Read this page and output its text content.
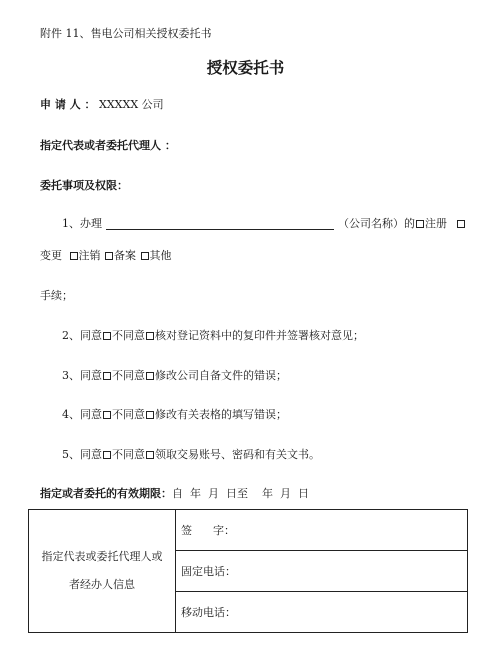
附件 11、售电公司相关授权委托书
授权委托书
申 请 人 ： XXXXX 公司
指定代表或者委托代理人 ：
委托事项及权限：
1、办理	（公司名称）的 注册
变更 注销 备案 其他
手续；
2、同意 不同意 核对登记资料中的复印件并签署核对意见；
3、同意 不同意 修改公司自备文件的错误；
4、同意 不同意 修改有关表格的填写错误；
5、同意 不同意 领取交易账号、密码和有关文书。
指定或者委托的有效期限：自  年  月  日至    年  月  日
指定代表或委托代理人或
者经办人信息
	签      字：
固定电话：
移动电话：
